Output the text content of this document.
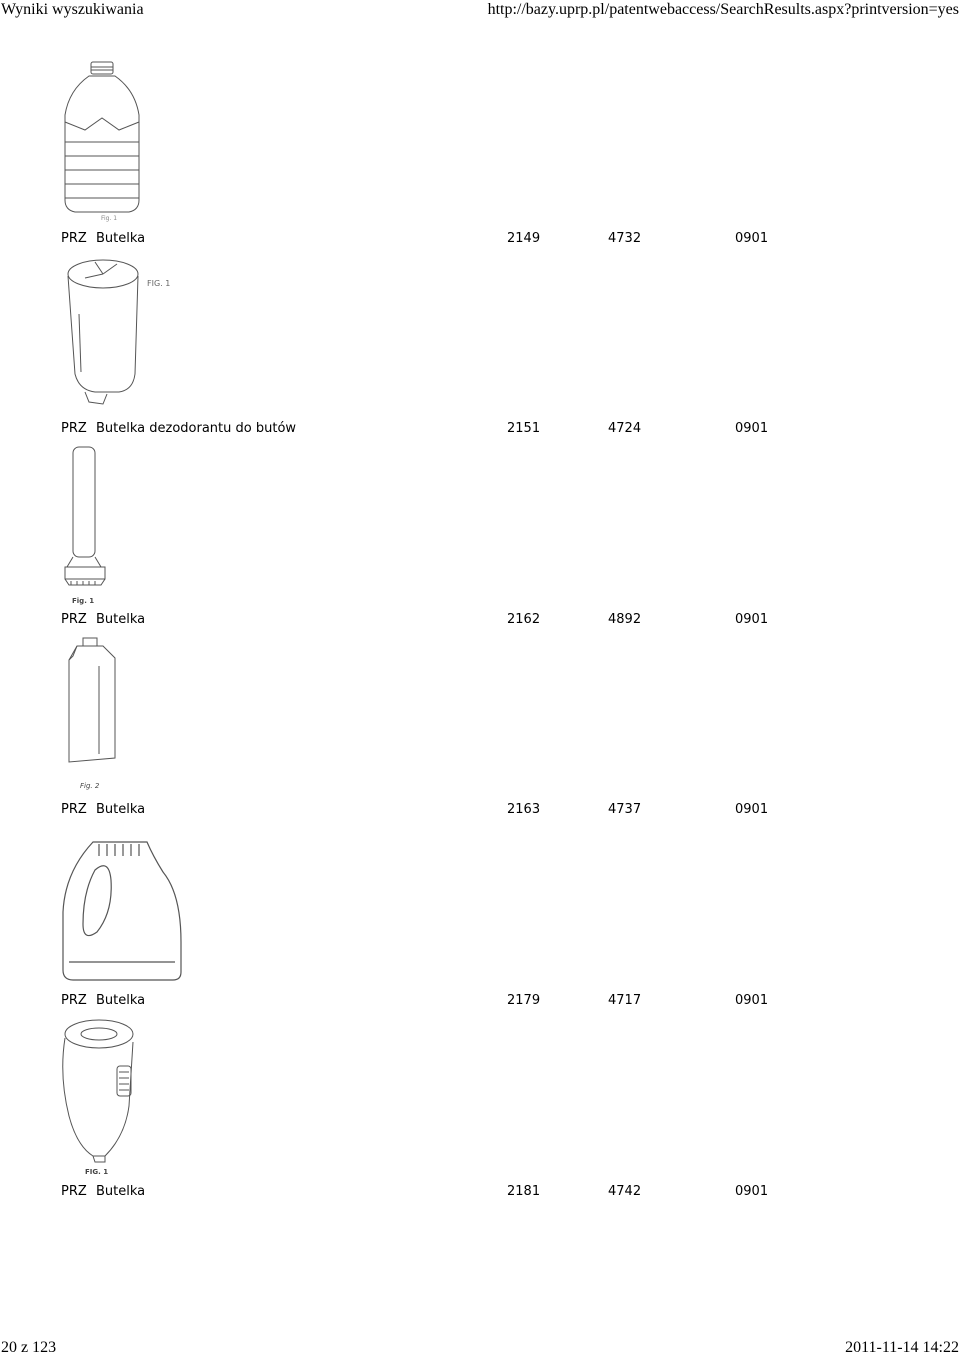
Wyniki wyszukiwania	http://bazy.uprp.pl/patentwebaccess/SearchResults.aspx?printversion=yes
Fig. 1
PRZ Butelka	2149	4732	0901
FIG. 1
PRZ Butelka dezodorantu do butów	2151	4724	0901
Fig. 1
PRZ Butelka	2162	4892	0901
Fig. 2
PRZ Butelka	2163	4737	0901
PRZ Butelka	2179	4717	0901
FIG. 1
PRZ Butelka	2181	4742	0901
20 z 123	2011-11-14 14:22
